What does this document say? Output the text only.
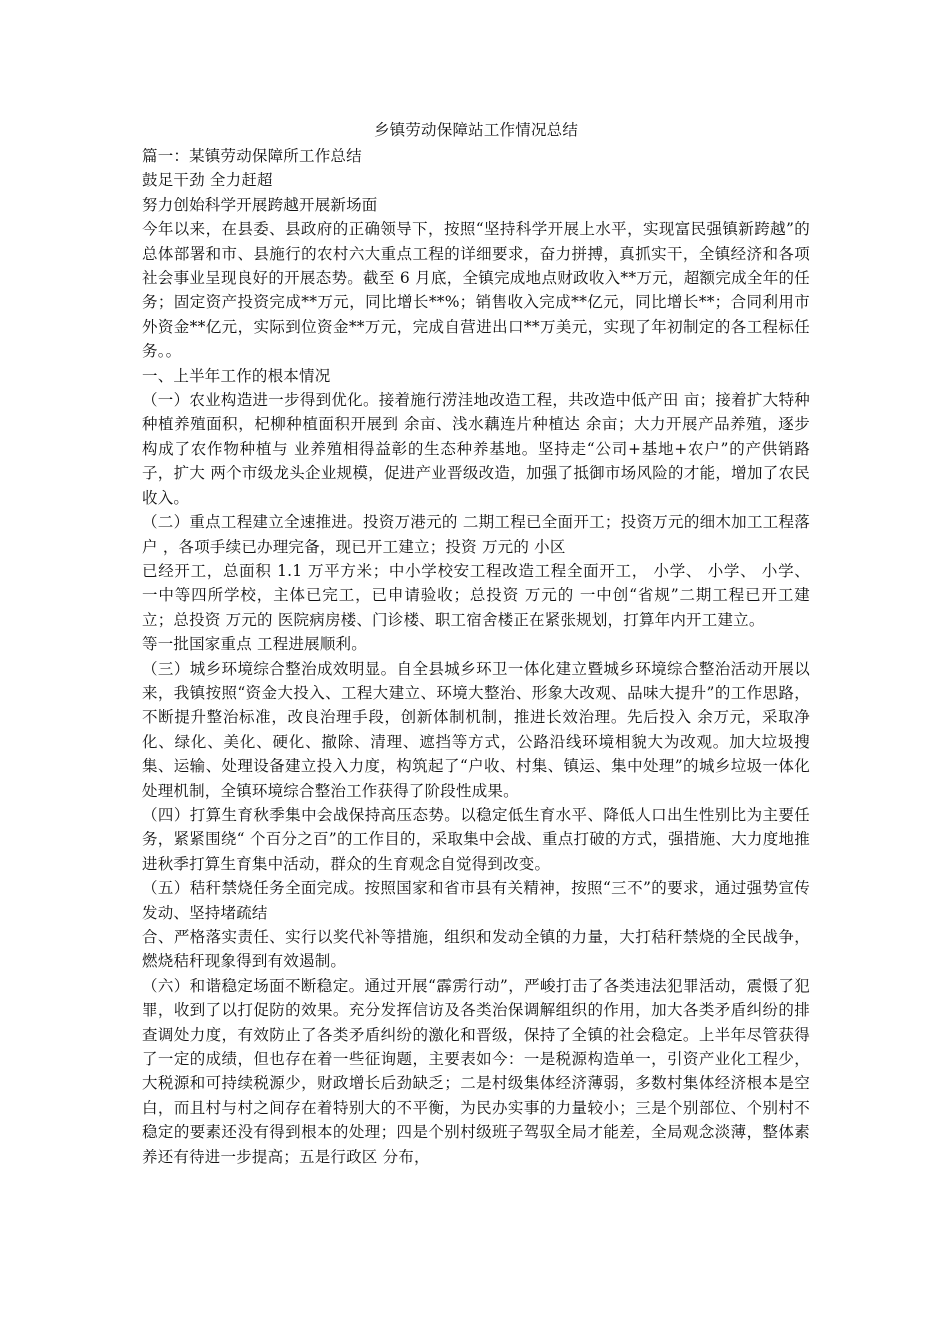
乡镇劳动保障站工作情况总结

篇一：某镇劳动保障所工作总结

鼓足干劲 全力赶超

努力创始科学开展跨越开展新场面

今年以来，在县委、县政府的正确领导下，按照“坚持科学开展上水平，实现富民强镇新跨越”的总体部署和市、县施行的农村六大重点工程的详细要求，奋力拼搏，真抓实干，全镇经济和各项社会事业呈现良好的开展态势。截至 6 月底，全镇完成地点财政收入**万元，超额完成全年的任务；固定资产投资完成**万元，同比增长**%；销售收入完成**亿元，同比增长**；合同利用市外资金**亿元，实际到位资金**万元，完成自营进出口**万美元，实现了年初制定的各工程标任务。。

一、上半年工作的根本情况

（一）农业构造进一步得到优化。接着施行涝洼地改造工程，共改造中低产田 亩；接着扩大特种种植养殖面积，杞柳种植面积开展到 余亩、浅水藕连片种植达 余亩；大力开展产品养殖，逐步构成了农作物种植与 业养殖相得益彰的生态种养基地。坚持走“公司+基地+农户”的产供销路子，扩大 两个市级龙头企业规模，促进产业晋级改造，加强了抵御市场风险的才能，增加了农民收入。

（二）重点工程建立全速推进。投资万港元的 二期工程已全面开工；投资万元的细木加工工程落户 ，各项手续已办理完备，现已开工建立；投资 万元的 小区

已经开工，总面积 1.1 万平方米；中小学校安工程改造工程全面开工， 小学、 小学、 小学、 一中等四所学校，主体已完工，已申请验收；总投资 万元的 一中创“省规”二期工程已开工建立；总投资 万元的 医院病房楼、门诊楼、职工宿舍楼正在紧张规划，打算年内开工建立。

等一批国家重点 工程进展顺利。

（三）城乡环境综合整治成效明显。自全县城乡环卫一体化建立暨城乡环境综合整治活动开展以来，我镇按照“资金大投入、工程大建立、环境大整治、形象大改观、品味大提升”的工作思路，不断提升整治标准，改良治理手段，创新体制机制，推进长效治理。先后投入 余万元，采取净化、绿化、美化、硬化、撤除、清理、遮挡等方式，公路沿线环境相貌大为改观。加大垃圾搜集、运输、处理设备建立投入力度，构筑起了“户收、村集、镇运、集中处理”的城乡垃圾一体化处理机制，全镇环境综合整治工作获得了阶段性成果。

（四）打算生育秋季集中会战保持高压态势。以稳定低生育水平、降低人口出生性别比为主要任务，紧紧围绕“ 个百分之百”的工作目的，采取集中会战、重点打破的方式，强措施、大力度地推进秋季打算生育集中活动，群众的生育观念自觉得到改变。

（五）秸秆禁烧任务全面完成。按照国家和省市县有关精神，按照“三不”的要求，通过强势宣传发动、坚持堵疏结

合、严格落实责任、实行以奖代补等措施，组织和发动全镇的力量，大打秸秆禁烧的全民战争，燃烧秸秆现象得到有效遏制。

（六）和谐稳定场面不断稳定。通过开展“霹雳行动”，严峻打击了各类违法犯罪活动，震慑了犯罪，收到了以打促防的效果。充分发挥信访及各类治保调解组织的作用，加大各类矛盾纠纷的排查调处力度，有效防止了各类矛盾纠纷的激化和晋级，保持了全镇的社会稳定。上半年尽管获得了一定的成绩，但也存在着一些征询题，主要表如今：一是税源构造单一，引资产业化工程少，大税源和可持续税源少，财政增长后劲缺乏；二是村级集体经济薄弱，多数村集体经济根本是空白，而且村与村之间存在着特别大的不平衡，为民办实事的力量较小；三是个别部位、个别村不稳定的要素还没有得到根本的处理；四是个别村级班子驾驭全局才能差，全局观念淡薄，整体素养还有待进一步提高；五是行政区 分布，
